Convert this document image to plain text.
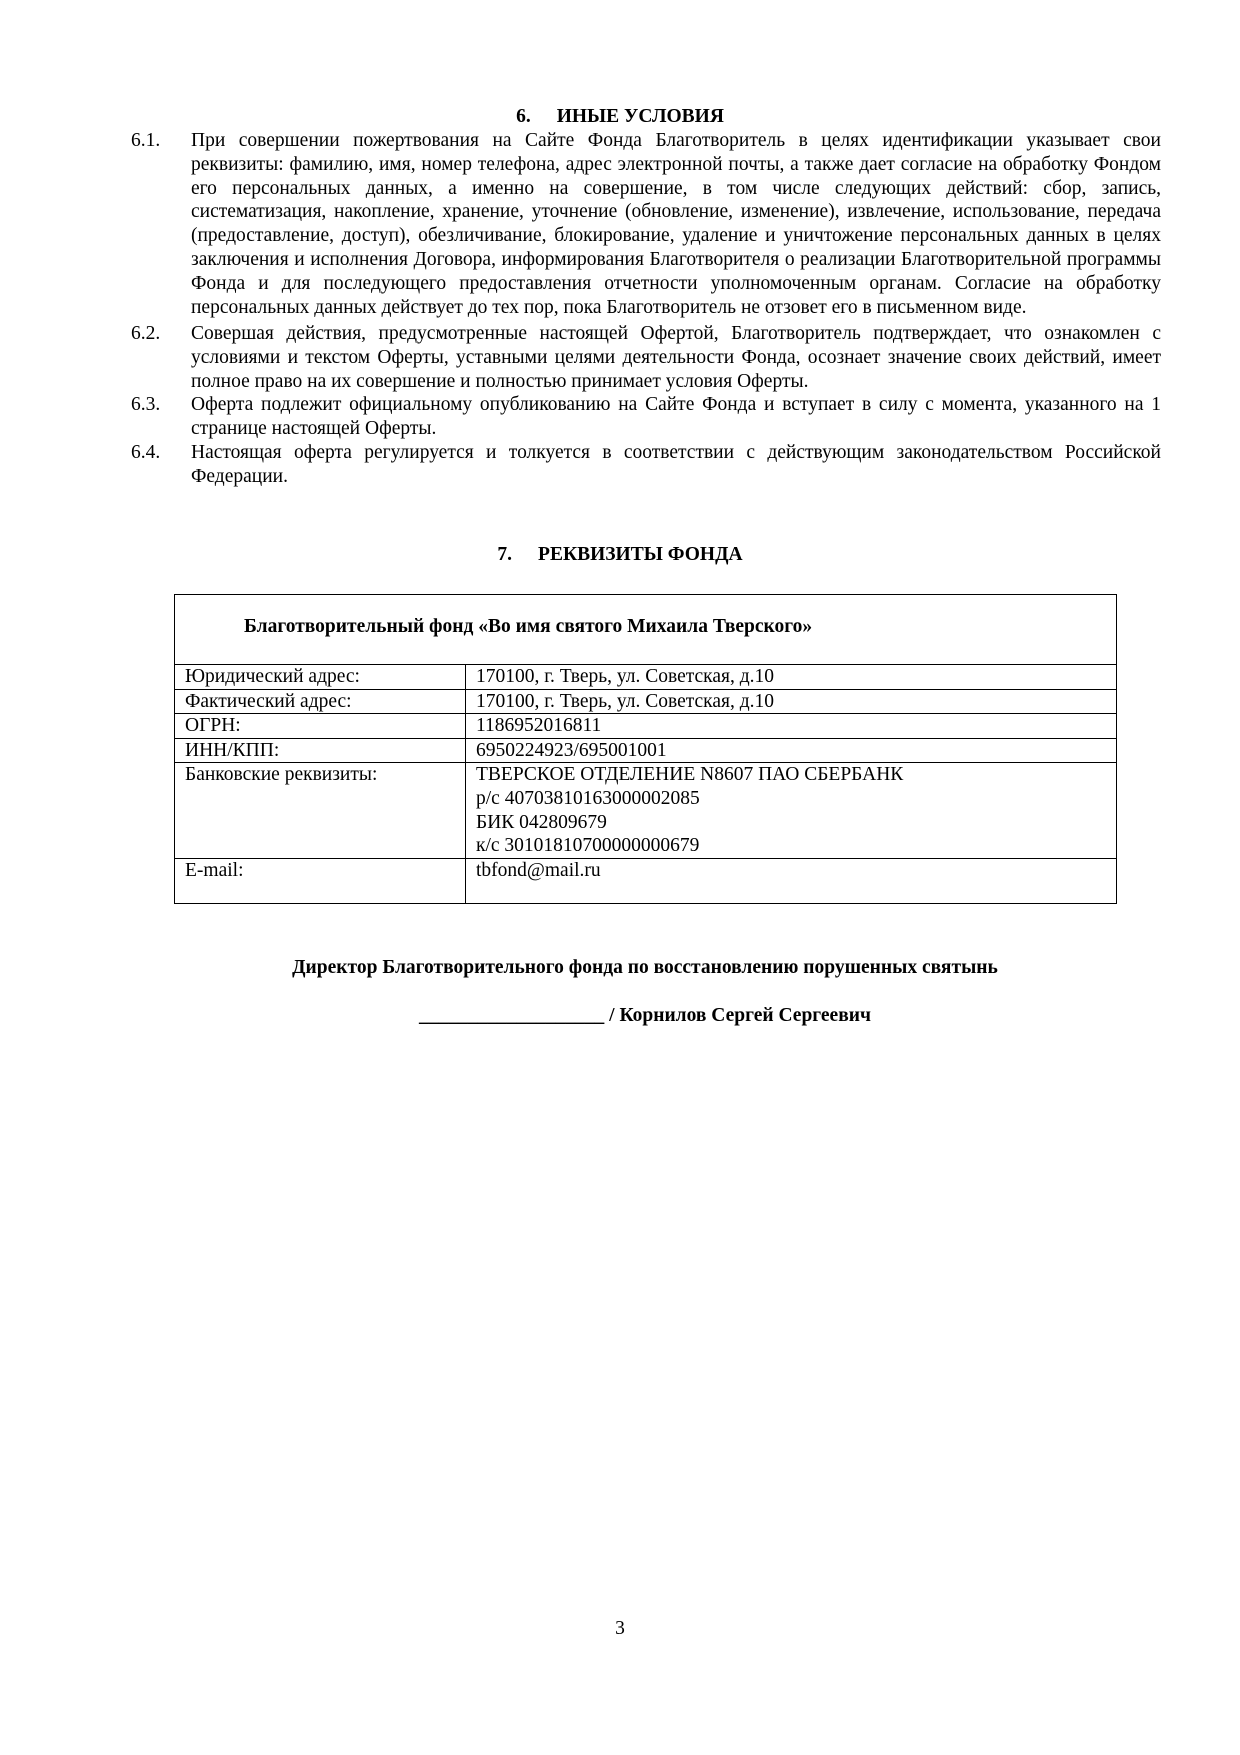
6. ИНЫЕ УСЛОВИЯ
6.1.	При совершении пожертвования на Сайте Фонда Благотворитель в целях идентификации указывает свои реквизиты: фамилию, имя, номер телефона, адрес электронной почты, а также дает согласие на обработку Фондом его персональных данных, а именно на совершение, в том числе следующих действий: сбор, запись, систематизация, накопление, хранение, уточнение (обновление, изменение), извлечение, использование, передача (предоставление, доступ), обезличивание, блокирование, удаление и уничтожение персональных данных в целях заключения и исполнения Договора, информирования Благотворителя о реализации Благотворительной программы Фонда и для последующего предоставления отчетности уполномоченным органам. Согласие на обработку персональных данных действует до тех пор, пока Благотворитель не отзовет его в письменном виде.
6.2.	Совершая действия, предусмотренные настоящей Офертой, Благотворитель подтверждает, что ознакомлен с условиями и текстом Оферты, уставными целями деятельности Фонда, осознает значение своих действий, имеет полное право на их совершение и полностью принимает условия Оферты.
6.3.	Оферта подлежит официальному опубликованию на Сайте Фонда и вступает в силу с момента, указанного на 1 странице настоящей Оферты.
6.4.	Настоящая оферта регулируется и толкуется в соответствии с действующим законодательством Российской Федерации.
7. РЕКВИЗИТЫ ФОНДА
Благотворительный фонд «Во имя святого Михаила Тверского»	
Юридический адрес:	170100, г. Тверь, ул. Советская, д.10
Фактический адрес:	170100, г. Тверь, ул. Советская, д.10
ОГРН:	1186952016811
ИНН/КПП:	6950224923/695001001
Банковские реквизиты:	ТВЕРСКОЕ ОТДЕЛЕНИЕ N8607 ПАО СБЕРБАНК
р/с 40703810163000002085
БИК 042809679
к/с 30101810700000000679

E-mail:	tbfond@mail.ru
Директор Благотворительного фонда по восстановлению порушенных святынь
___________________ / Корнилов Сергей Сергеевич
3
